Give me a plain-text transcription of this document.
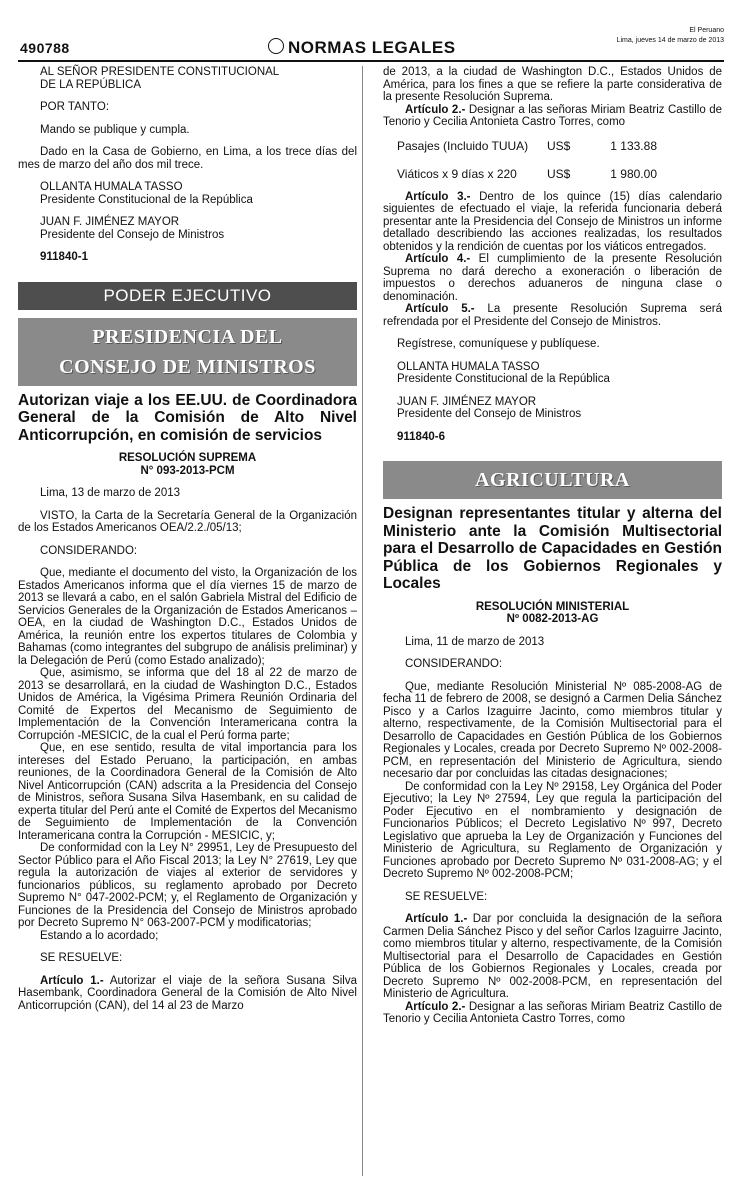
490788	NORMAS LEGALES
El Peruano
Lima, jueves 14 de marzo de 2013
AL SEÑOR PRESIDENTE CONSTITUCIONAL
DE LA REPÚBLICA
POR TANTO:
Mando se publique y cumpla.

Dado en la Casa de Gobierno, en Lima, a los trece días del mes de marzo del año dos mil trece.

OLLANTA HUMALA TASSO
Presidente Constitucional de la República
JUAN F. JIMÉNEZ MAYOR
Presidente del Consejo de Ministros
911840-1
PODER EJECUTIVO
PRESIDENCIA DEL
CONSEJO DE MINISTROS
Autorizan viaje a los EE.UU. de Coordinadora General de la Comisión de Alto Nivel Anticorrupción, en comisión de servicios
RESOLUCIÓN SUPREMA
N° 093-2013-PCM

Lima, 13 de marzo de 2013

VISTO, la Carta de la Secretaría General de la Organización de los Estados Americanos OEA/2.2./05/13;

CONSIDERANDO:

Que, mediante el documento del visto, la Organización de los Estados Americanos informa que el día viernes 15 de marzo de 2013 se llevará a cabo, en el salón Gabriela Mistral del Edificio de Servicios Generales de la Organización de Estados Americanos – OEA, en la ciudad de Washington D.C., Estados Unidos de América, la reunión entre los expertos titulares de Colombia y Bahamas (como integrantes del subgrupo de análisis preliminar) y la Delegación de Perú (como Estado analizado);

Que, asimismo, se informa que del 18 al 22 de marzo de 2013 se desarrollará, en la ciudad de Washington D.C., Estados Unidos de América, la Vigésima Primera Reunión Ordinaria del Comité de Expertos del Mecanismo de Seguimiento de Implementación de la Convención Interamericana contra la Corrupción -MESICIC, de la cual el Perú forma parte;

Que, en ese sentido, resulta de vital importancia para los intereses del Estado Peruano, la participación, en ambas reuniones, de la Coordinadora General de la Comisión de Alto Nivel Anticorrupción (CAN) adscrita a la Presidencia del Consejo de Ministros, señora Susana Silva Hasembank, en su calidad de experta titular del Perú ante el Comité de Expertos del Mecanismo de Seguimiento de Implementación de la Convención Interamericana contra la Corrupción - MESICIC, y;

De conformidad con la Ley N° 29951, Ley de Presupuesto del Sector Público para el Año Fiscal 2013; la Ley N° 27619, Ley que regula la autorización de viajes al exterior de servidores y funcionarios públicos, su reglamento aprobado por Decreto Supremo N° 047-2002-PCM; y, el Reglamento de Organización y Funciones de la Presidencia del Consejo de Ministros aprobado por Decreto Supremo N° 063-2007-PCM y modificatorias;

Estando a lo acordado;

SE RESUELVE:

Artículo 1.- Autorizar el viaje de la señora Susana Silva Hasembank, Coordinadora General de la Comisión de Alto Nivel Anticorrupción (CAN), del 14 al 23 de Marzo

de 2013, a la ciudad de Washington D.C., Estados Unidos de América, para los fines a que se refiere la parte considerativa de la presente Resolución Suprema.

Artículo 2.- Designar a las señoras Miriam Beatriz Castillo de Tenorio y Cecilia Antonieta Castro Torres, como

Pasajes (Incluido TUUA)	US$	1 133.88
Viáticos x 9 días x 220	US$	1 980.00

Artículo 3.- Dentro de los quince (15) días calendario siguientes de efectuado el viaje, la referida funcionaria deberá presentar ante la Presidencia del Consejo de Ministros un informe detallado describiendo las acciones realizadas, los resultados obtenidos y la rendición de cuentas por los viáticos entregados.

Artículo 4.- El cumplimiento de la presente Resolución Suprema no dará derecho a exoneración o liberación de impuestos o derechos aduaneros de ninguna clase o denominación.

Artículo 5.- La presente Resolución Suprema será refrendada por el Presidente del Consejo de Ministros.

Regístrese, comuníquese y publíquese.
OLLANTA HUMALA TASSO
Presidente Constitucional de la República
JUAN F. JIMÉNEZ MAYOR
Presidente del Consejo de Ministros
911840-6
AGRICULTURA
Designan representantes titular y alterna del Ministerio ante la Comisión Multisectorial para el Desarrollo de Capacidades en Gestión Pública de los Gobiernos Regionales y Locales
RESOLUCIÓN MINISTERIAL
Nº 0082-2013-AG

Lima, 11 de marzo de 2013

CONSIDERANDO:

Que, mediante Resolución Ministerial Nº 085-2008-AG de fecha 11 de febrero de 2008, se designó a Carmen Delia Sánchez Pisco y a Carlos Izaguirre Jacinto, como miembros titular y alterno, respectivamente, de la Comisión Multisectorial para el Desarrollo de Capacidades en Gestión Pública de los Gobiernos Regionales y Locales, creada por Decreto Supremo Nº 002-2008-PCM, en representación del Ministerio de Agricultura, siendo necesario dar por concluidas las citadas designaciones;

De conformidad con la Ley Nº 29158, Ley Orgánica del Poder Ejecutivo; la Ley Nº 27594, Ley que regula la participación del Poder Ejecutivo en el nombramiento y designación de Funcionarios Públicos; el Decreto Legislativo Nº 997, Decreto Legislativo que aprueba la Ley de Organización y Funciones del Ministerio de Agricultura, su Reglamento de Organización y Funciones aprobado por Decreto Supremo Nº 031-2008-AG; y el Decreto Supremo Nº 002-2008-PCM;

SE RESUELVE:

Artículo 1.- Dar por concluida la designación de la señora Carmen Delia Sánchez Pisco y del señor Carlos Izaguirre Jacinto, como miembros titular y alterno, respectivamente, de la Comisión Multisectorial para el Desarrollo de Capacidades en Gestión Pública de los Gobiernos Regionales y Locales, creada por Decreto Supremo Nº 002-2008-PCM, en representación del Ministerio de Agricultura.

Artículo 2.- Designar a las señoras Miriam Beatriz Castillo de Tenorio y Cecilia Antonieta Castro Torres, como
